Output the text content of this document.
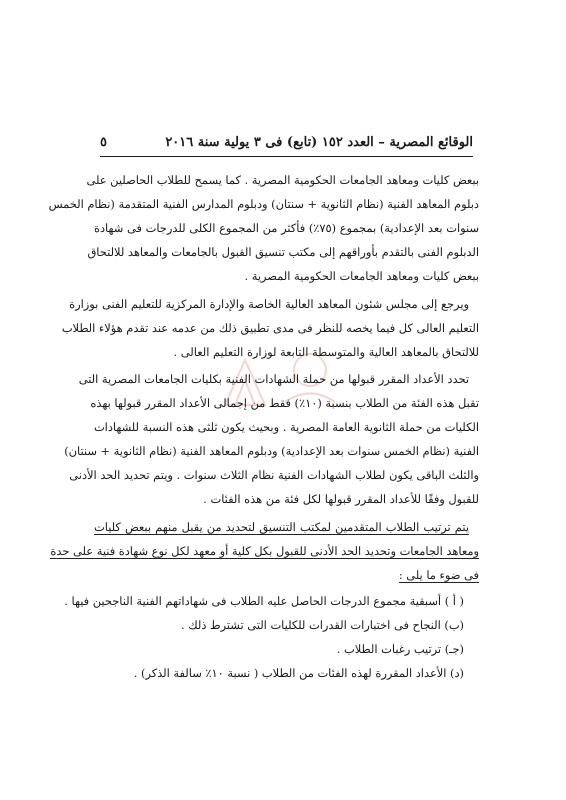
الوقائع المصرية – العدد ١٥٢ (تابع) فى ٣ يولية سنة ٢٠١٦
٥
ببعض كليات ومعاهد الجامعات الحكومية المصرية . كما يسمح للطلاب الحاصلين على
دبلوم المعاهد الفنية (نظام الثانوية + سنتان) ودبلوم المدارس الفنية المتقدمة (نظام الخمس
سنوات بعد الإعدادية) بمجموع (٧٥٪) فأكثر من المجموع الكلى للدرجات فى شهادة
الدبلوم الفنى بالتقدم بأوراقهم إلى مكتب تنسيق القبول بالجامعات والمعاهد للالتحاق
ببعض كليات ومعاهد الجامعات الحكومية المصرية .
ويرجع إلى مجلس شئون المعاهد العالية الخاصة والإدارة المركزية للتعليم الفنى بوزارة
التعليم العالى كل فيما يخصه للنظر فى مدى تطبيق ذلك من عدمه عند تقدم هؤلاء الطلاب
للالتحاق بالمعاهد العالية والمتوسطة التابعة لوزارة التعليم العالى .
تحدد الأعداد المقرر قبولها من حملة الشهادات الفنية بكليات الجامعات المصرية التى
تقبل هذه الفئة من الطلاب بنسبة (١٠٪) فقط من إجمالى الأعداد المقرر قبولها بهذه
الكليات من حملة الثانوية العامة المصرية . وبحيث يكون ثلثى هذه النسبة للشهادات
الفنية (نظام الخمس سنوات بعد الإعدادية) ودبلوم المعاهد الفنية (نظام الثانوية + سنتان)
والثلث الباقى يكون لطلاب الشهادات الفنية نظام الثلاث سنوات . ويتم تحديد الحد الأدنى
للقبول وفقًا للأعداد المقرر قبولها لكل فئة من هذه الفئات .
يتم ترتيب الطلاب المتقدمين لمكتب التنسيق لتحديد من يقبل منهم ببعض كليات
ومعاهد الجامعات وتحديد الحد الأدنى للقبول بكل كلية أو معهد لكل نوع شهادة فنية على حدة
فى ضوء ما يلى :
( أ ) أسبقية مجموع الدرجات الحاصل عليه الطلاب فى شهاداتهم الفنية الناجحين فيها .
(ب) النجاح فى اختبارات القدرات للكليات التى تشترط ذلك .
(جـ) ترتيب رغبات الطلاب .
(د) الأعداد المقررة لهذه الفئات من الطلاب ( نسبة ١٠٪ سالفة الذكر) .
